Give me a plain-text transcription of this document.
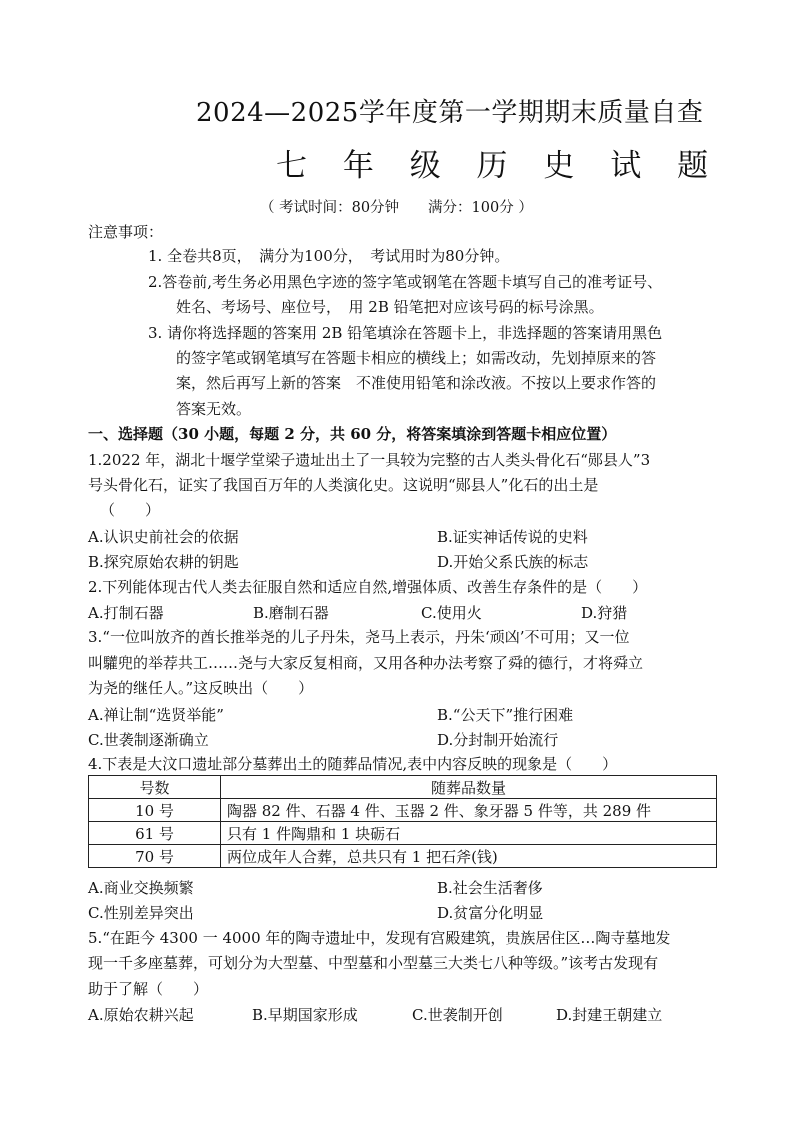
2024—2025学年度第一学期期末质量自查
七 年 级 历 史 试 题
（ 考试时间：80分钟　　满分：100分 ）
注意事项：
1. 全卷共8页，　满分为100分，　考试用时为80分钟。
2.答卷前,考生务必用黑色字迹的签字笔或钢笔在答题卡填写自己的准考证号、
姓名、考场号、座位号，　用 2B 铅笔把对应该号码的标号涂黑。
3. 请你将选择题的答案用 2B 铅笔填涂在答题卡上，非选择题的答案请用黑色
的签字笔或钢笔填写在答题卡相应的横线上；如需改动，先划掉原来的答
案，然后再写上新的答案　不准使用铅笔和涂改液。不按以上要求作答的
答案无效。
一、选择题（30 小题，每题 2 分，共 60 分，将答案填涂到答题卡相应位置）
1.2022 年，湖北十堰学堂梁子遗址出土了一具较为完整的古人类头骨化石“郧县人”3
号头骨化石，证实了我国百万年的人类演化史。这说明“郧县人”化石的出土是
（　　）
A.认识史前社会的依据	B.证实神话传说的史料
B.探究原始农耕的钥匙	D.开始父系氏族的标志
2.下列能体现古代人类去征服自然和适应自然,增强体质、改善生存条件的是（　　）
A.打制石器	B.磨制石器	C.使用火	D.狩猎
3.“一位叫放齐的酋长推举尧的儿子丹朱，尧马上表示，丹朱‘顽凶’不可用；又一位
叫驩兜的举荐共工……尧与大家反复相商，又用各种办法考察了舜的德行，才将舜立
为尧的继任人。”这反映出（　　）
A.禅让制“选贤举能”	B.“公天下”推行困难
C.世袭制逐渐确立	D.分封制开始流行
4.下表是大汶口遗址部分墓葬出土的随葬品情况,表中内容反映的现象是（　　）
号数	随葬品数量
10 号	陶器 82 件、石器 4 件、玉器 2 件、象牙器 5 件等，共 289 件
61 号	只有 1 件陶鼎和 1 块砺石
70 号	两位成年人合葬，总共只有 1 把石斧(钱)
A.商业交换频繁	B.社会生活奢侈
C.性别差异突出	D.贫富分化明显
5.“在距今 4300 一 4000 年的陶寺遗址中，发现有宫殿建筑，贵族居住区…陶寺墓地发
现一千多座墓葬，可划分为大型墓、中型墓和小型墓三大类七八种等级。”该考古发现有
助于了解（　　）
A.原始农耕兴起	B.早期国家形成	C.世袭制开创	D.封建王朝建立
